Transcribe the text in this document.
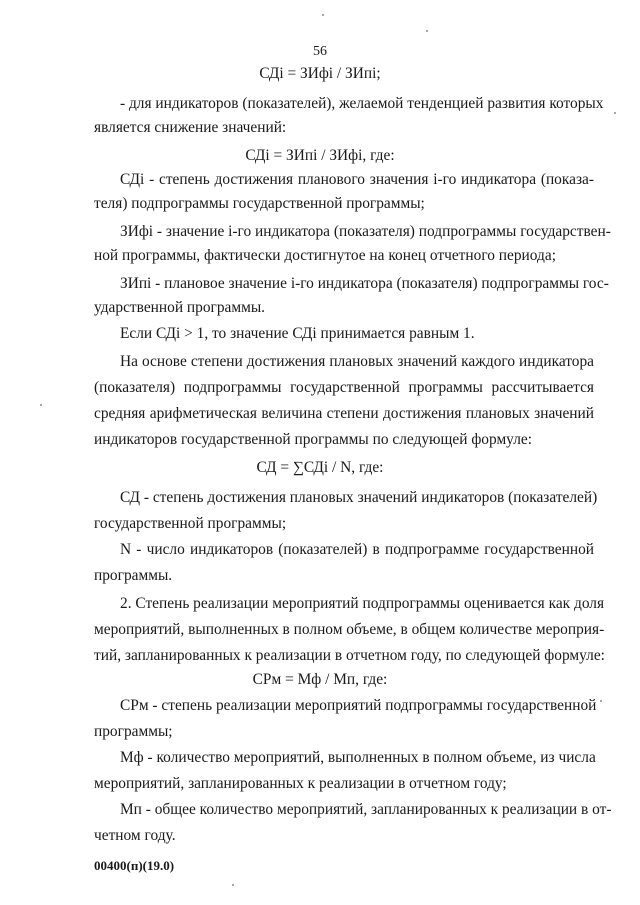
56
СДi = ЗИфi / ЗИпi;
- для индикаторов (показателей), желаемой тенденцией развития которых
является снижение значений:
СДi = ЗИпi / ЗИфi, где:
СДi - степень достижения планового значения i-го индикатора (показа-
теля) подпрограммы государственной программы;
ЗИфi - значение i-го индикатора (показателя) подпрограммы государствен-
ной программы, фактически достигнутое на конец отчетного периода;
ЗИпi - плановое значение i-го индикатора (показателя) подпрограммы гос-
ударственной программы.
Если СДi > 1, то значение СДi принимается равным 1.
На основе степени достижения плановых значений каждого индикатора
(показателя) подпрограммы государственной программы рассчитывается
средняя арифметическая величина степени достижения плановых значений
индикаторов государственной программы по следующей формуле:
СД = ∑СДi / N, где:
СД - степень достижения плановых значений индикаторов (показателей)
государственной программы;
N - число индикаторов (показателей) в подпрограмме государственной
программы.
2. Степень реализации мероприятий подпрограммы оценивается как доля
мероприятий, выполненных в полном объеме, в общем количестве мероприя-
тий, запланированных к реализации в отчетном году, по следующей формуле:
СРм = Мф / Мп, где:
СРм - степень реализации мероприятий подпрограммы государственной
программы;
Мф - количество мероприятий, выполненных в полном объеме, из числа
мероприятий, запланированных к реализации в отчетном году;
Мп - общее количество мероприятий, запланированных к реализации в от-
четном году.
00400(п)(19.0)
